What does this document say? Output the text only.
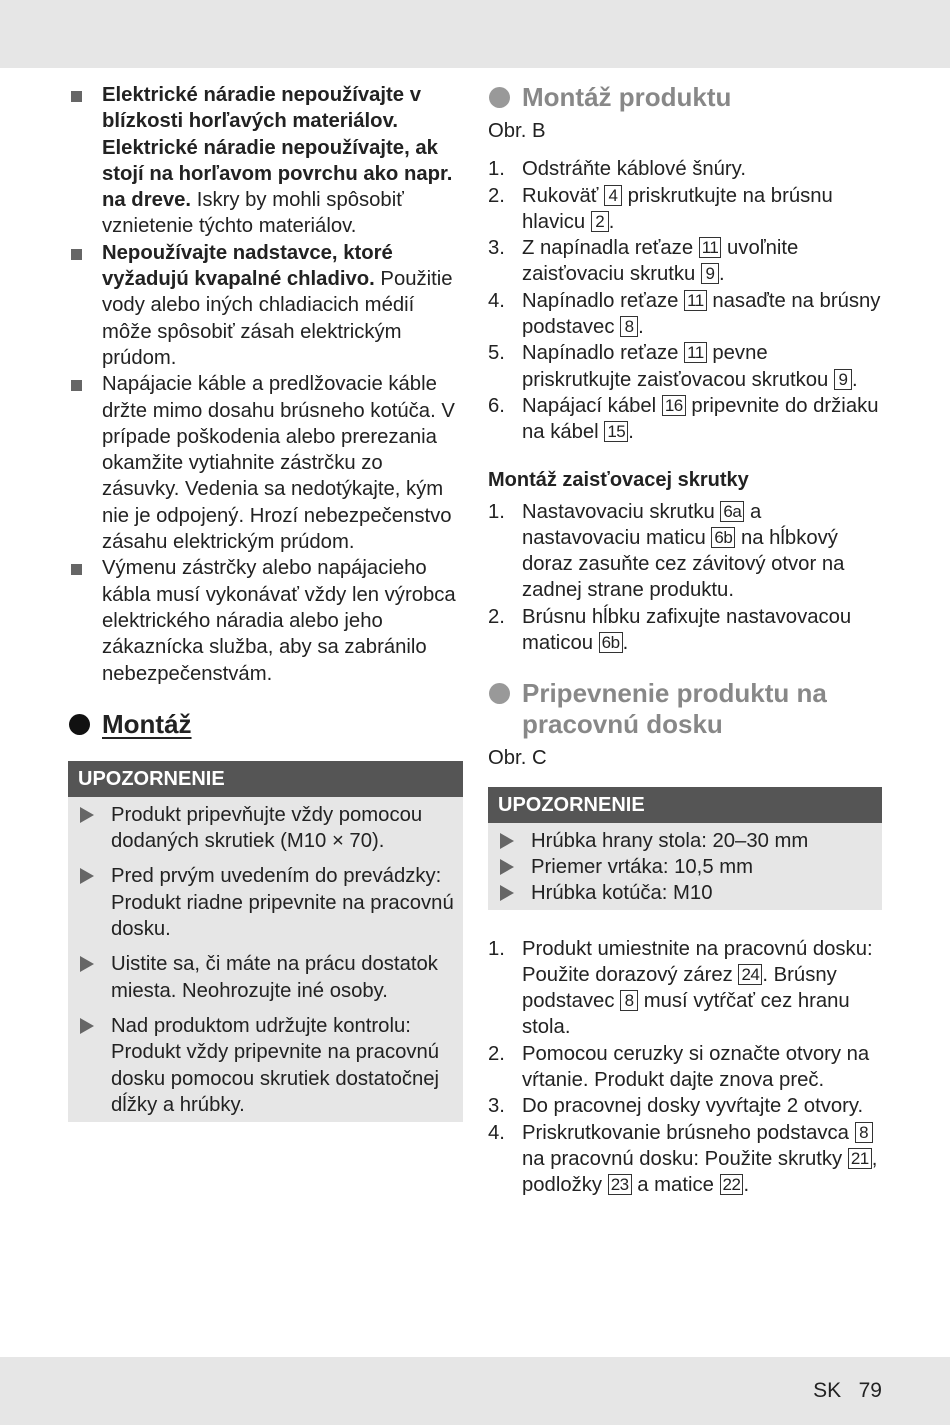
Elektrické náradie nepoužívajte v blízkosti horľavých materiálov. Elektrické náradie nepoužívajte, ak stojí na horľavom povrchu ako napr. na dreve. Iskry by mohli spôsobiť vznietenie týchto materiálov.
Nepoužívajte nadstavce, ktoré vyžadujú kvapalné chladivo. Použitie vody alebo iných chladiacich médií môže spôsobiť zásah elektrickým prúdom.
Napájacie káble a predlžovacie káble držte mimo dosahu brúsneho kotúča. V prípade poškodenia alebo prerezania okamžite vytiahnite zástrčku zo zásuvky. Vedenia sa nedotýkajte, kým nie je odpojený. Hrozí nebezpečenstvo zásahu elektrickým prúdom.
Výmenu zástrčky alebo napájacieho kábla musí vykonávať vždy len výrobca elektrického náradia alebo jeho zákaznícka služba, aby sa zabránilo nebezpečenstvám.
Montáž
UPOZORNENIE
Produkt pripevňujte vždy pomocou dodaných skrutiek (M10 × 70).
Pred prvým uvedením do prevádzky: Produkt riadne pripevnite na pracovnú dosku.
Uistite sa, či máte na prácu dostatok miesta. Neohrozujte iné osoby.
Nad produktom udržujte kontrolu: Produkt vždy pripevnite na pracovnú dosku pomocou skrutiek dostatočnej dĺžky a hrúbky.
Montáž produktu
Obr. B
1. Odstráňte káblové šnúry.
2. Rukoväť 4 priskrutkujte na brúsnu hlavicu 2 .
3. Z napínadla reťaze 11 uvoľnite zaisťovaciu skrutku 9 .
4. Napínadlo reťaze 11 nasaďte na brúsny podstavec 8 .
5. Napínadlo reťaze 11 pevne priskrutkujte zaisťovacou skrutkou 9 .
6. Napájací kábel 16 pripevnite do držiaku na kábel 15 .
Montáž zaisťovacej skrutky
1. Nastavovaciu skrutku 6a a nastavovaciu maticu 6b na hĺbkový doraz zasuňte cez závitový otvor na zadnej strane produktu.
2. Brúsnu hĺbku zafixujte nastavovacou maticou 6b .
Pripevnenie produktu na pracovnú dosku
Obr. C
UPOZORNENIE
Hrúbka hrany stola: 20–30 mm
Priemer vrtáka: 10,5 mm
Hrúbka kotúča: M10
1. Produkt umiestnite na pracovnú dosku: Použite dorazový zárez 24 . Brúsny podstavec 8 musí vytŕčať cez hranu stola.
2. Pomocou ceruzky si označte otvory na vŕtanie. Produkt dajte znova preč.
3. Do pracovnej dosky vyvŕtajte 2 otvory.
4. Priskrutkovanie brúsneho podstavca 8 na pracovnú dosku: Použite skrutky 21 , podložky 23 a matice 22 .
SK   79
